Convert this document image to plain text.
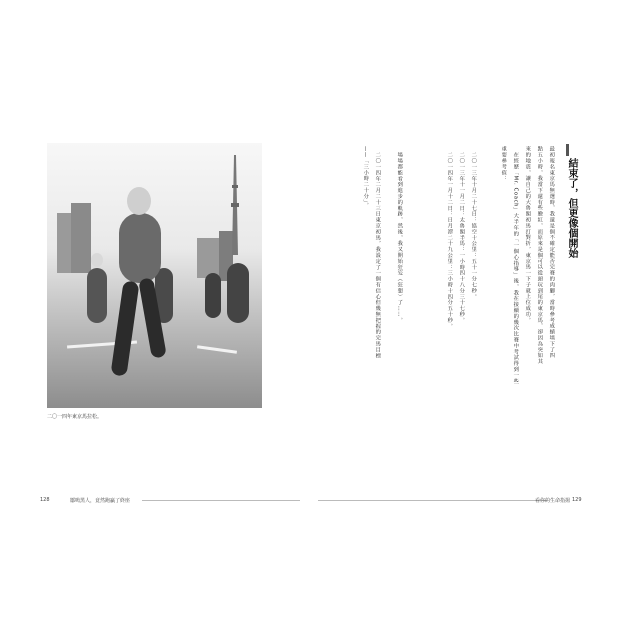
二〇一四年東京馬拉松。
結束了，但更像個開始
最初報名東京馬無選時，我還是個不確定能否完賽的肉腳，當時參考成績填下了四
點五小時，我當下還有些臉紅，而原來是個可以從頭玩到尾的東京馬，卻因為突如其
來的地震，讓自己的大魯閣初馬打對折，東京馬一下子就上位成功。
在經歷「Mr. Coach」大半年的「一個心指導」後，我在接續的幾次比賽中考試得到一些
重要參考值：
二〇一三年十月二十七日：協空十公里：五十一分七秒。
二〇一三年十一月二日：太魯閣半馬：一小時四十八分三十七秒。
二〇一四年一月十二日：日月潭二十九公里：三小時十四分五十秒。
場場都能看到進步的軌跡，然後，我又開始狂妄（狂想）了……。
二〇一四年二月二十三日東京初馬，我設定了一個有信心但幾無把握的完馬目標
——「三小時二十分」。
128	鄒嗚黑人，竟然跑贏了終座	看你的生命指揚 129
